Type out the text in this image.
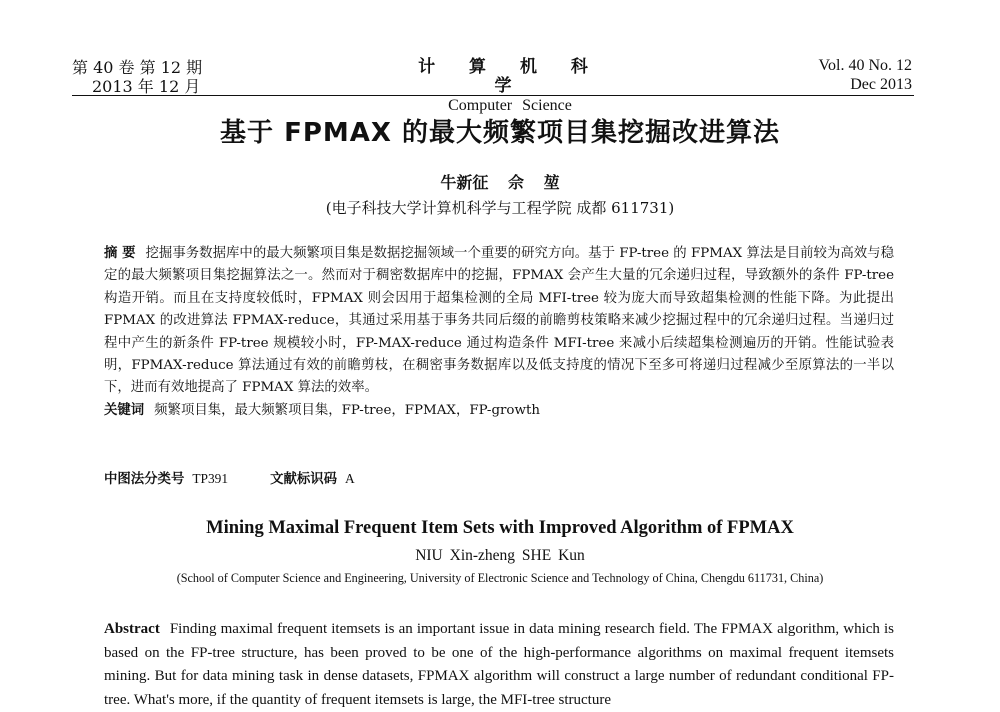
第 40 卷 第 12 期
2013 年 12 月
计 算 机 科 学
Computer Science
Vol. 40 No. 12
Dec 2013
基于 FPMAX 的最大频繁项目集挖掘改进算法
牛新征 佘 堃
(电子科技大学计算机科学与工程学院 成都 611731)
摘 要 挖掘事务数据库中的最大频繁项目集是数据挖掘领域一个重要的研究方向。基于 FP-tree 的 FPMAX 算法是目前较为高效与稳定的最大频繁项目集挖掘算法之一。然而对于稠密数据库中的挖掘，FPMAX 会产生大量的冗余递归过程，导致额外的条件 FP-tree 构造开销。而且在支持度较低时，FPMAX 则会因用于超集检测的全局 MFI-tree 较为庞大而导致超集检测的性能下降。为此提出 FPMAX 的改进算法 FPMAX-reduce，其通过采用基于事务共同后缀的前瞻剪枝策略来减少挖掘过程中的冗余递归过程。当递归过程中产生的新条件 FP-tree 规模较小时，FP-MAX-reduce 通过构造条件 MFI-tree 来减小后续超集检测遍历的开销。性能试验表明，FPMAX-reduce 算法通过有效的前瞻剪枝，在稠密事务数据库以及低支持度的情况下至多可将递归过程减少至原算法的一半以下，进而有效地提高了 FPMAX 算法的效率。
关键词 频繁项目集，最大频繁项目集，FP-tree，FPMAX，FP-growth
中图法分类号 TP391	文献标识码 A
Mining Maximal Frequent Item Sets with Improved Algorithm of FPMAX
NIU Xin-zheng SHE Kun
(School of Computer Science and Engineering, University of Electronic Science and Technology of China, Chengdu 611731, China)
Abstract Finding maximal frequent itemsets is an important issue in data mining research field. The FPMAX algorithm, which is based on the FP-tree structure, has been proved to be one of the high-performance algorithms on maximal frequent itemsets mining. But for data mining task in dense datasets, FPMAX algorithm will construct a large number of redundant conditional FP-tree. What's more, if the quantity of frequent itemsets is large, the MFI-tree structure
